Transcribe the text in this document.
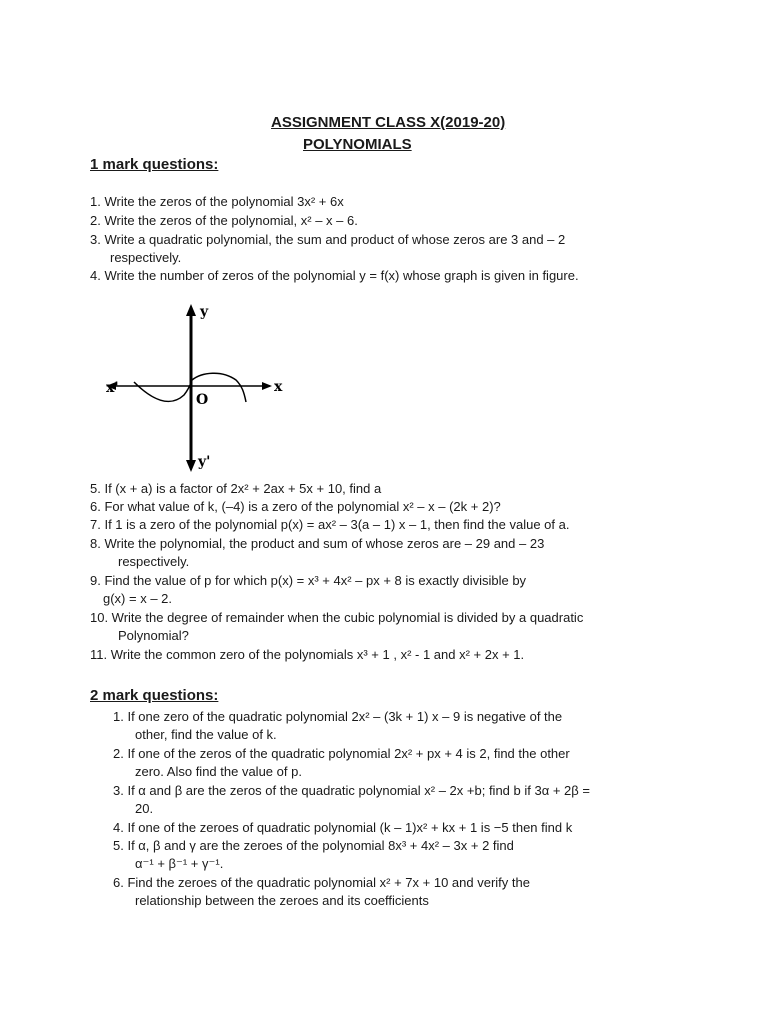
ASSIGNMENT CLASS X(2019-20)
POLYNOMIALS
1 mark questions:
1. Write the zeros of the polynomial 3x² + 6x
2. Write the zeros of the polynomial, x² – x – 6.
3. Write a quadratic polynomial, the sum and product of whose zeros are 3 and – 2
respectively.
4. Write the number of zeros of the polynomial y = f(x) whose graph is given in figure.
y
y'
x
x'
O
5. If (x + a) is a factor of 2x² + 2ax + 5x + 10, find a
6. For what value of k, (–4) is a zero of the polynomial x² – x – (2k + 2)?
7. If 1 is a zero of the polynomial p(x) = ax² – 3(a – 1) x – 1, then find the value of a.
8. Write the polynomial, the product and sum of whose zeros are – 29 and – 23
respectively.
9. Find the value of p for which p(x) = x³ + 4x² – px + 8 is exactly divisible by
g(x) = x – 2.
10. Write the degree of remainder when the cubic polynomial is divided by a quadratic
Polynomial?
11. Write the common zero of the polynomials x³ + 1 , x² - 1 and x² + 2x + 1.
2 mark questions:
1. If one zero of the quadratic polynomial 2x² – (3k + 1) x – 9 is negative of the
other, find the value of k.
2. If one of the zeros of the quadratic polynomial 2x² + px + 4 is 2, find the other
zero. Also find the value of p.
3. If α and β are the zeros of the quadratic polynomial x² – 2x +b; find b if 3α + 2β =
20.
4. If one of the zeroes of quadratic polynomial (k – 1)x² + kx + 1 is −5 then find k
5. If α, β and γ are the zeroes of the polynomial 8x³ + 4x² – 3x + 2 find
α⁻¹ + β⁻¹ + γ⁻¹.
6. Find the zeroes of the quadratic polynomial x² + 7x + 10 and verify the
relationship between the zeroes and its coefficients
